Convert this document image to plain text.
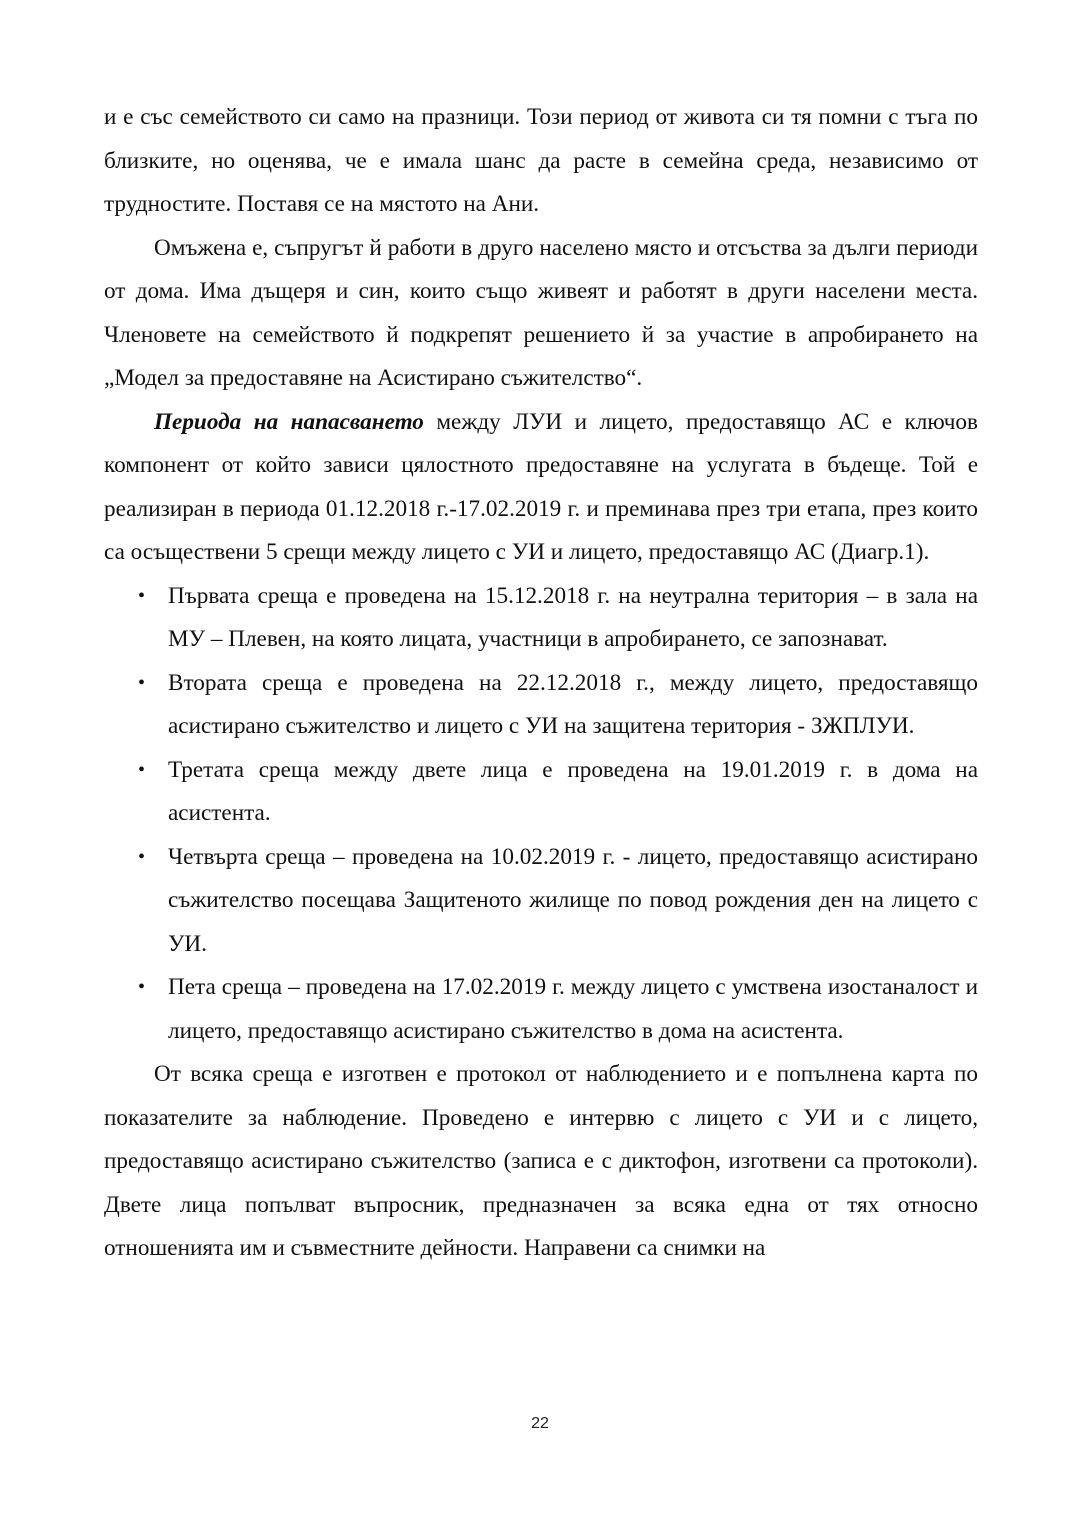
и е със семейството си само на празници. Този период от живота си тя помни с тъга по близките, но оценява, че е имала шанс да расте в семейна среда, независимо от трудностите. Поставя се на мястото на Ани.

Омъжена е, съпругът й работи в друго населено място и отсъства за дълги периоди от дома. Има дъщеря и син, които също живеят и работят в други населени места. Членовете на семейството й подкрепят решението й за участие в апробирането на „Модел за предоставяне на Асистирано съжителство“.

Периода на напасването между ЛУИ и лицето, предоставящо АС е ключов компонент от който зависи цялостното предоставяне на услугата в бъдеще. Той е реализиран в периода 01.12.2018 г.-17.02.2019 г. и преминава през три етапа, през които са осъществени 5 срещи между лицето с УИ и лицето, предоставящо АС (Диагр.1).

• Първата среща е проведена на 15.12.2018 г. на неутрална територия – в зала на МУ – Плевен, на която лицата, участници в апробирането, се запознават.
• Втората среща е проведена на 22.12.2018 г., между лицето, предоставящо асистирано съжителство и лицето с УИ на защитена територия - ЗЖПЛУИ.
• Третата среща между двете лица е проведена на 19.01.2019 г. в дома на асистента.
• Четвърта среща – проведена на 10.02.2019 г. - лицето, предоставящо асистирано съжителство посещава Защитеното жилище по повод рождения ден на лицето с УИ.
• Пета среща – проведена на 17.02.2019 г. между лицето с умствена изостаналост и лицето, предоставящо асистирано съжителство в дома на асистента.

От всяка среща е изготвен е протокол от наблюдението и е попълнена карта по показателите за наблюдение. Проведено е интервю с лицето с УИ и с лицето, предоставящо асистирано съжителство (записа е с диктофон, изготвени са протоколи). Двете лица попълват въпросник, предназначен за всяка една от тях относно отношенията им и съвместните дейности. Направени са снимки на

22
